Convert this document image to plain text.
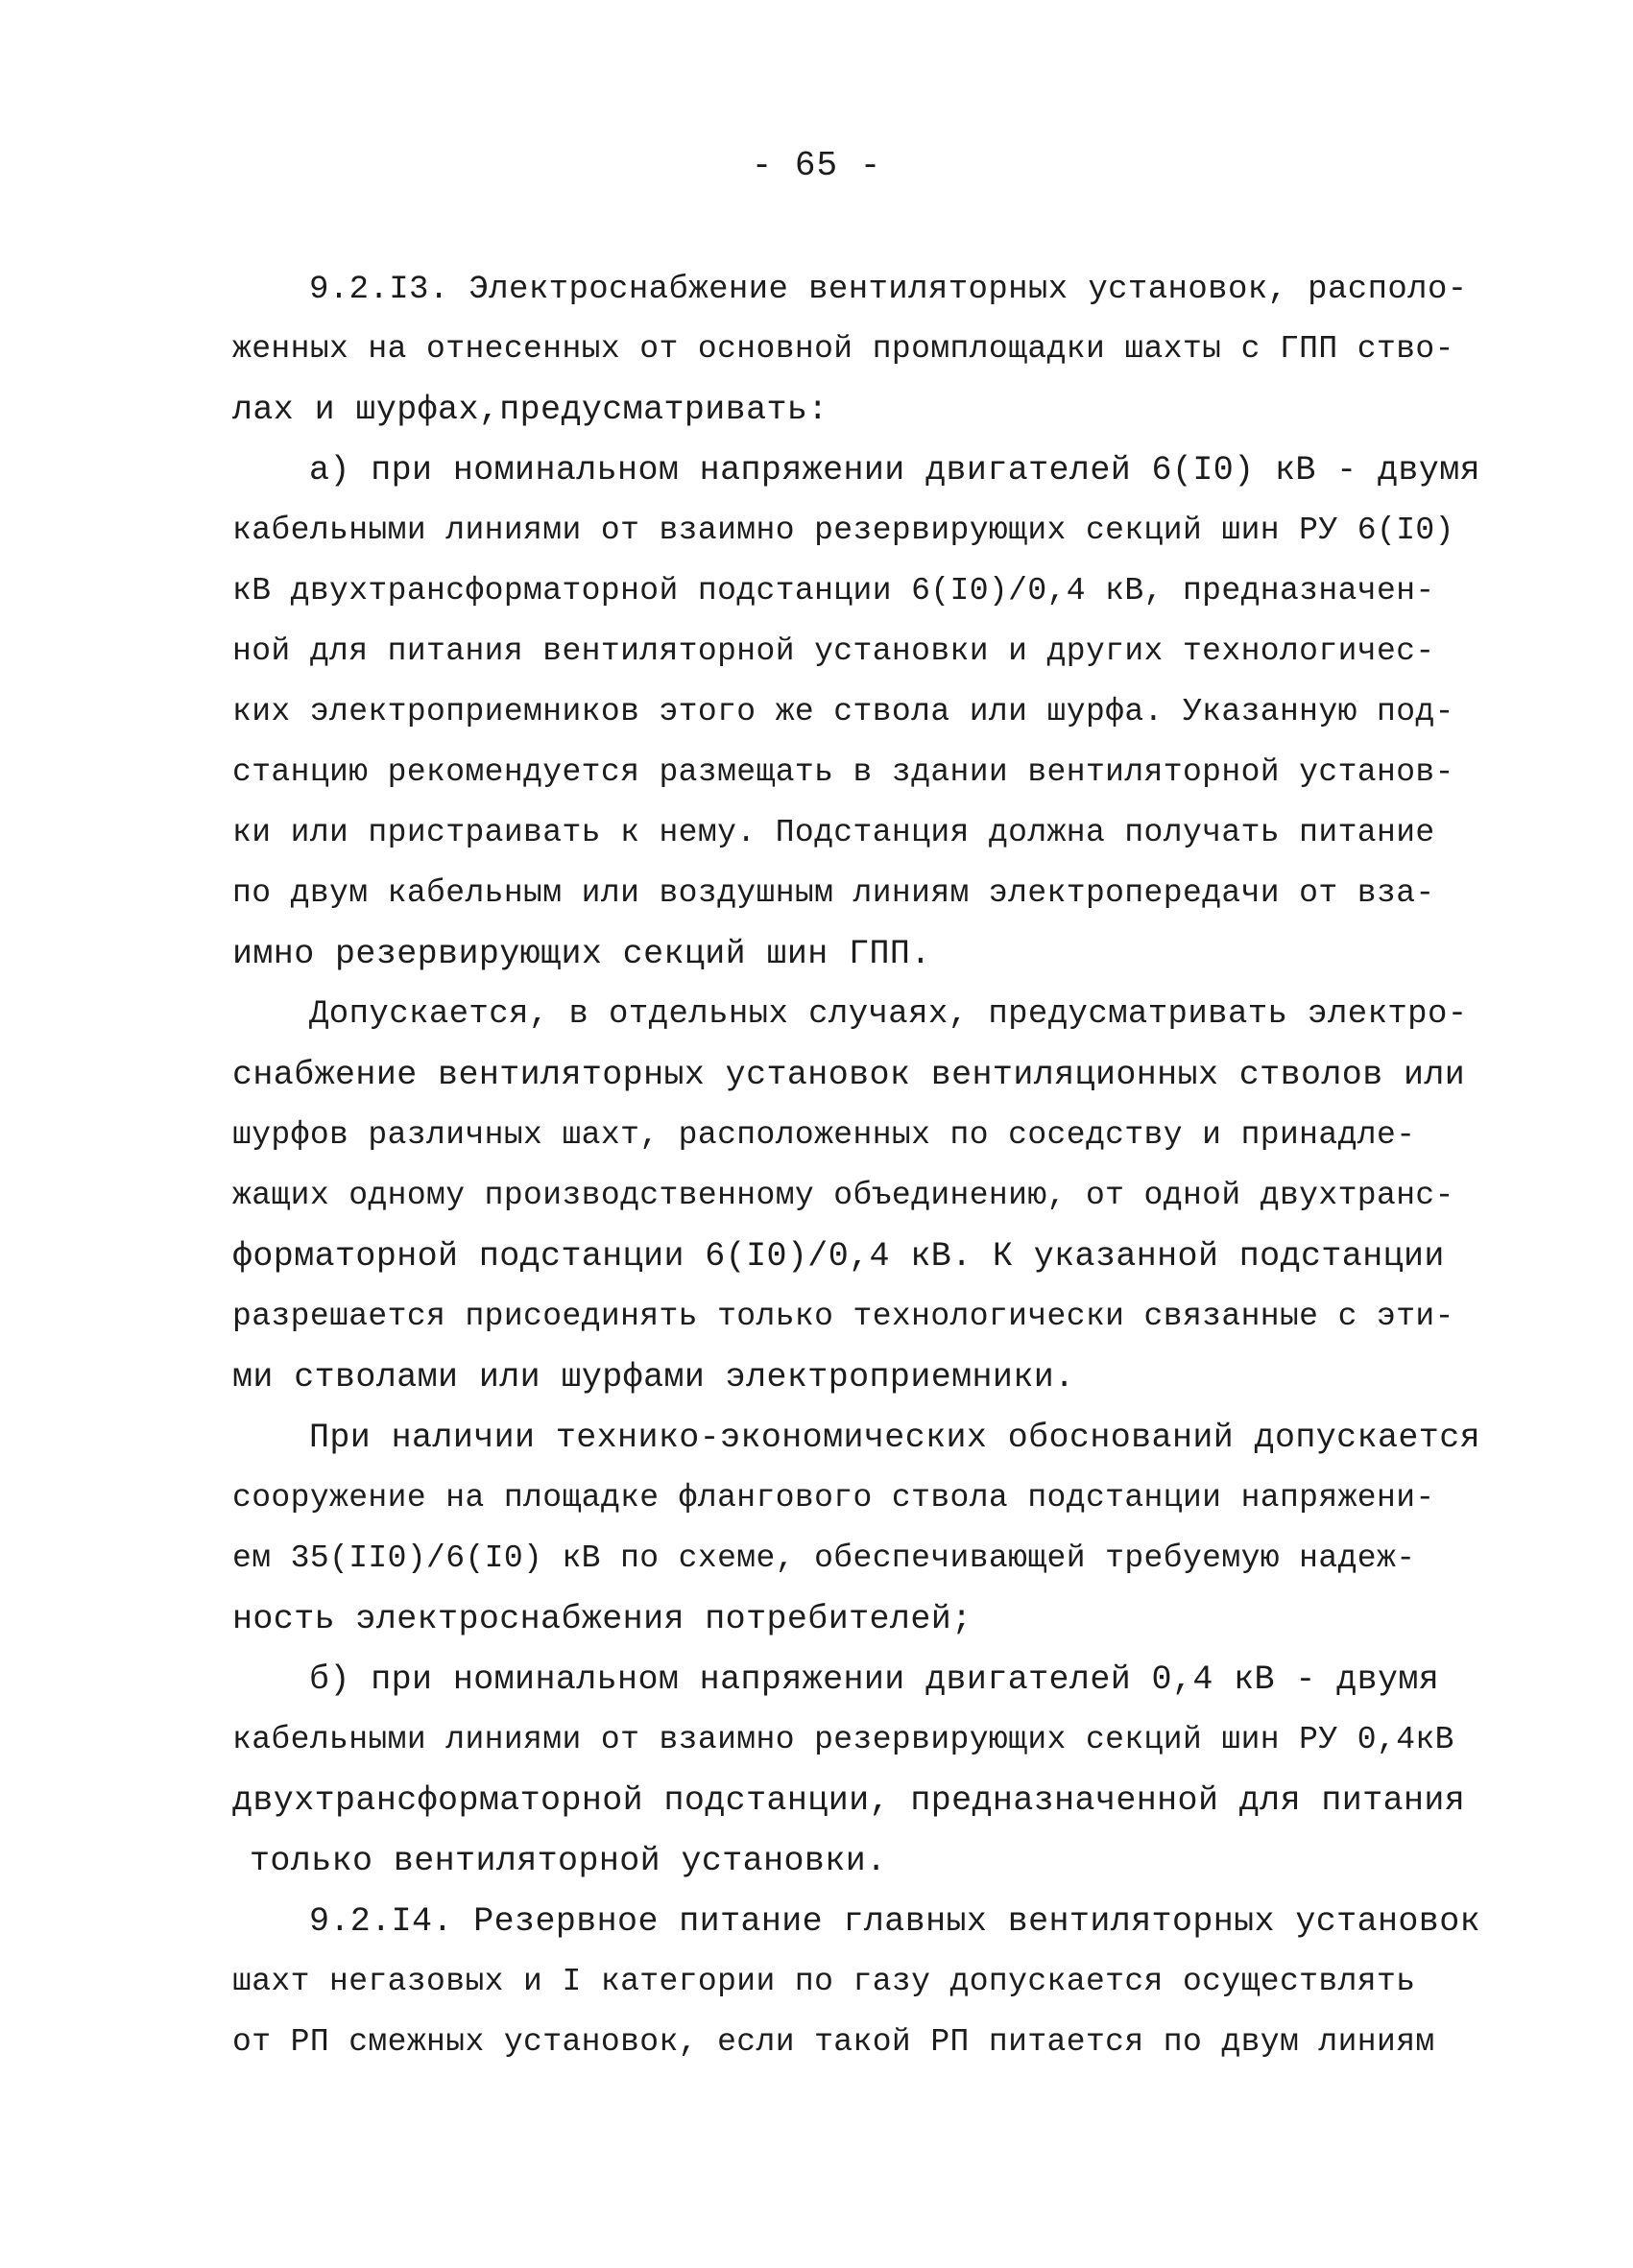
- 65 -
9.2.I3. Электроснабжение вентиляторных установок, располо-
женных на отнесенных от основной промплощадки шахты с ГПП ство-
лах и шурфах,предусматривать:
а) при номинальном напряжении двигателей 6(I0) кВ - двумя
кабельными линиями от взаимно резервирующих секций шин РУ 6(I0)
кВ двухтрансформаторной подстанции 6(I0)/0,4 кВ, предназначен-
ной для питания вентиляторной установки и других технологичес-
ких электроприемников этого же ствола или шурфа. Указанную под-
станцию рекомендуется размещать в здании вентиляторной установ-
ки или пристраивать к нему. Подстанция должна получать питание
по двум кабельным или воздушным линиям электропередачи от вза-
имно резервирующих секций шин ГПП.
Допускается, в отдельных случаях, предусматривать электро-
снабжение вентиляторных установок вентиляционных стволов или
шурфов различных шахт, расположенных по соседству и принадле-
жащих одному производственному объединению, от одной двухтранс-
форматорной подстанции 6(I0)/0,4 кВ. К указанной подстанции
разрешается присоединять только технологически связанные с эти-
ми стволами или шурфами электроприемники.
При наличии технико-экономических обоснований допускается
сооружение на площадке флангового ствола подстанции напряжени-
ем 35(II0)/6(I0) кВ по схеме, обеспечивающей требуемую надеж-
ность электроснабжения потребителей;
б) при номинальном напряжении двигателей 0,4 кВ - двумя
кабельными линиями от взаимно резервирующих секций шин РУ 0,4кВ
двухтрансформаторной подстанции, предназначенной для питания
только вентиляторной установки.
9.2.I4. Резервное питание главных вентиляторных установок
шахт негазовых и I категории по газу допускается осуществлять
от РП смежных установок, если такой РП питается по двум линиям
